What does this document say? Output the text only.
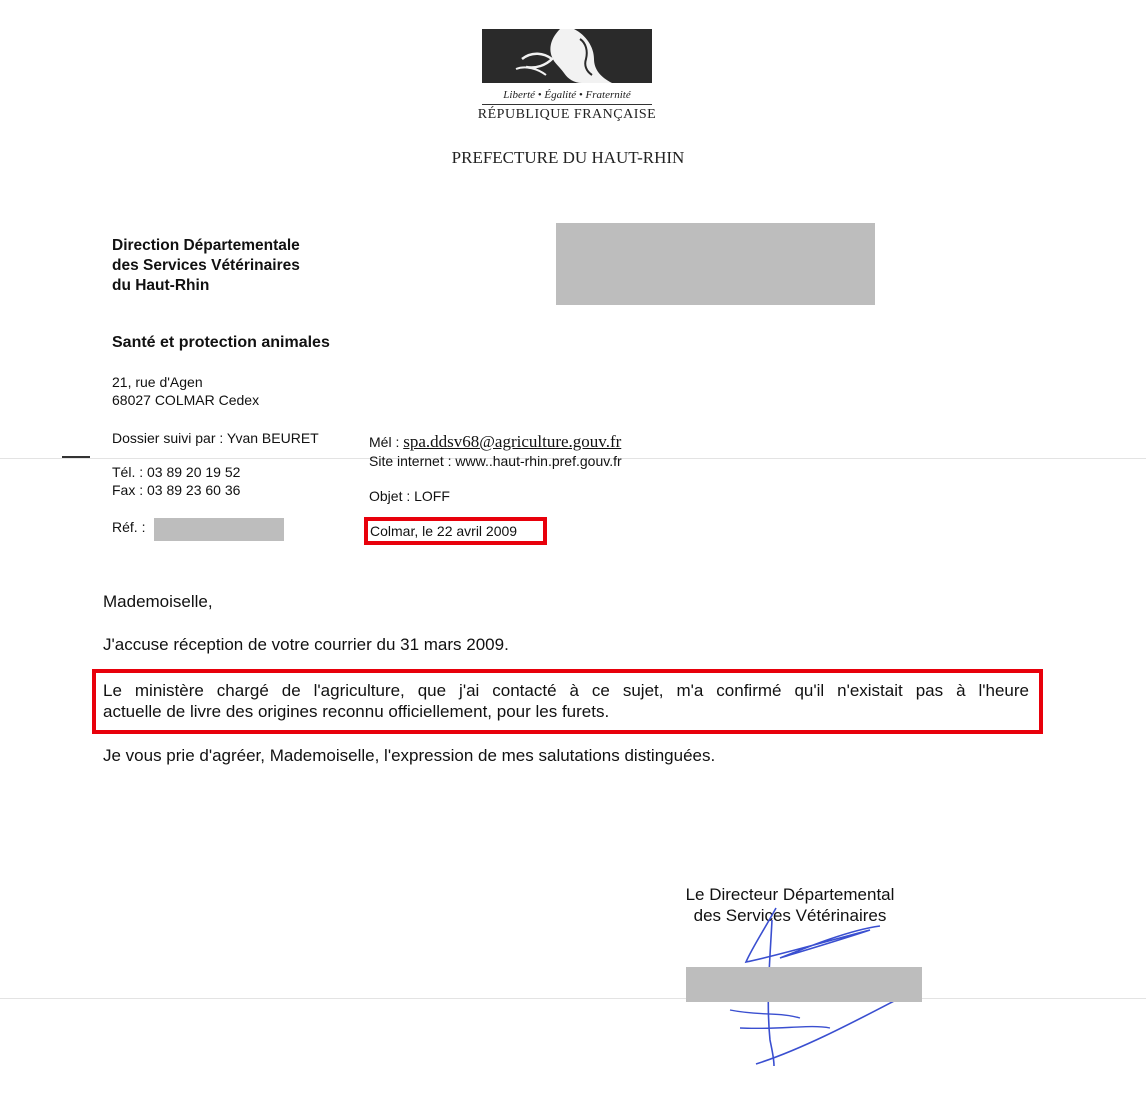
Liberté • Égalité • Fraternité
RÉPUBLIQUE FRANÇAISE
PREFECTURE DU HAUT-RHIN
Direction Départementale
des Services Vétérinaires
du Haut-Rhin
Santé et protection animales
21, rue d'Agen
68027 COLMAR Cedex
Dossier suivi par : Yvan BEURET
Tél. : 03 89 20 19 52
Fax : 03 89 23 60 36
Réf. :
Mél : spa.ddsv68@agriculture.gouv.fr
Site internet : www..haut-rhin.pref.gouv.fr
Objet : LOFF
Colmar, le 22 avril 2009
Mademoiselle,
J'accuse réception de votre courrier du 31 mars 2009.
Le ministère chargé de l'agriculture, que j'ai contacté à ce sujet, m'a confirmé qu'il n'existait pas à l'heure
actuelle de livre des origines reconnu officiellement, pour les furets.
Je vous prie d'agréer, Mademoiselle, l'expression de mes salutations distinguées.
Le Directeur Départemental
des Services Vétérinaires
